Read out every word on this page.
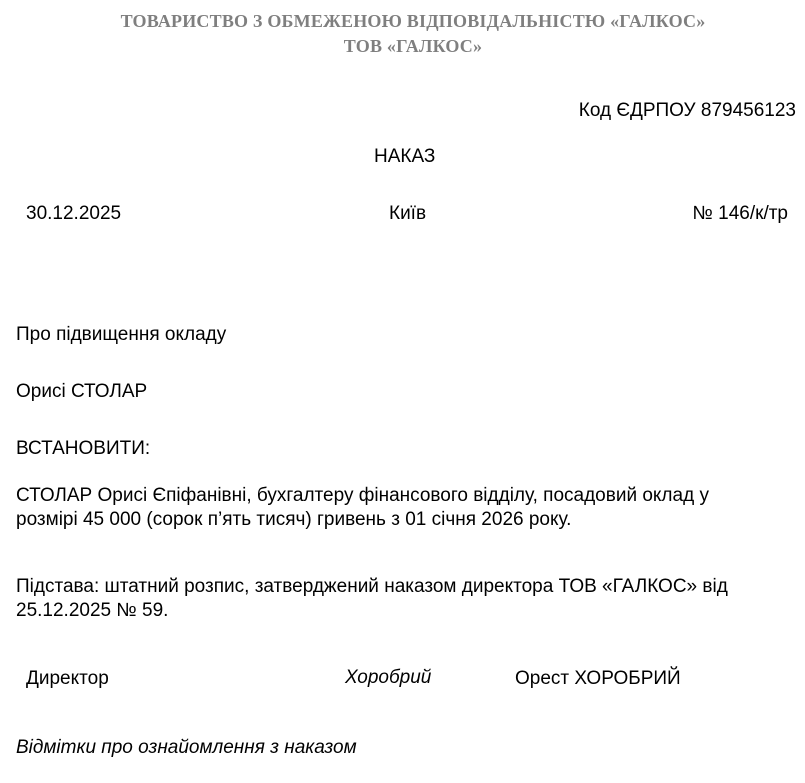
ТОВАРИСТВО З ОБМЕЖЕНОЮ ВІДПОВІДАЛЬНІСТЮ «ГАЛКОС»
ТОВ «ГАЛКОС»
Код ЄДРПОУ 879456123
НАКАЗ
30.12.2025	Київ	№ 146/к/тр
Про підвищення окладу
Орисі СТОЛАР
ВСТАНОВИТИ:
СТОЛАР Орисі Єпіфанівні, бухгалтеру фінансового відділу, посадовий оклад у
розмірі 45 000 (сорок п’ять тисяч) гривень з 01 січня 2026 року.
Підстава: штатний розпис, затверджений наказом директора ТОВ «ГАЛКОС» від
25.12.2025 № 59.
Директор	Хоробрий	Орест ХОРОБРИЙ
Відмітки про ознайомлення з наказом
